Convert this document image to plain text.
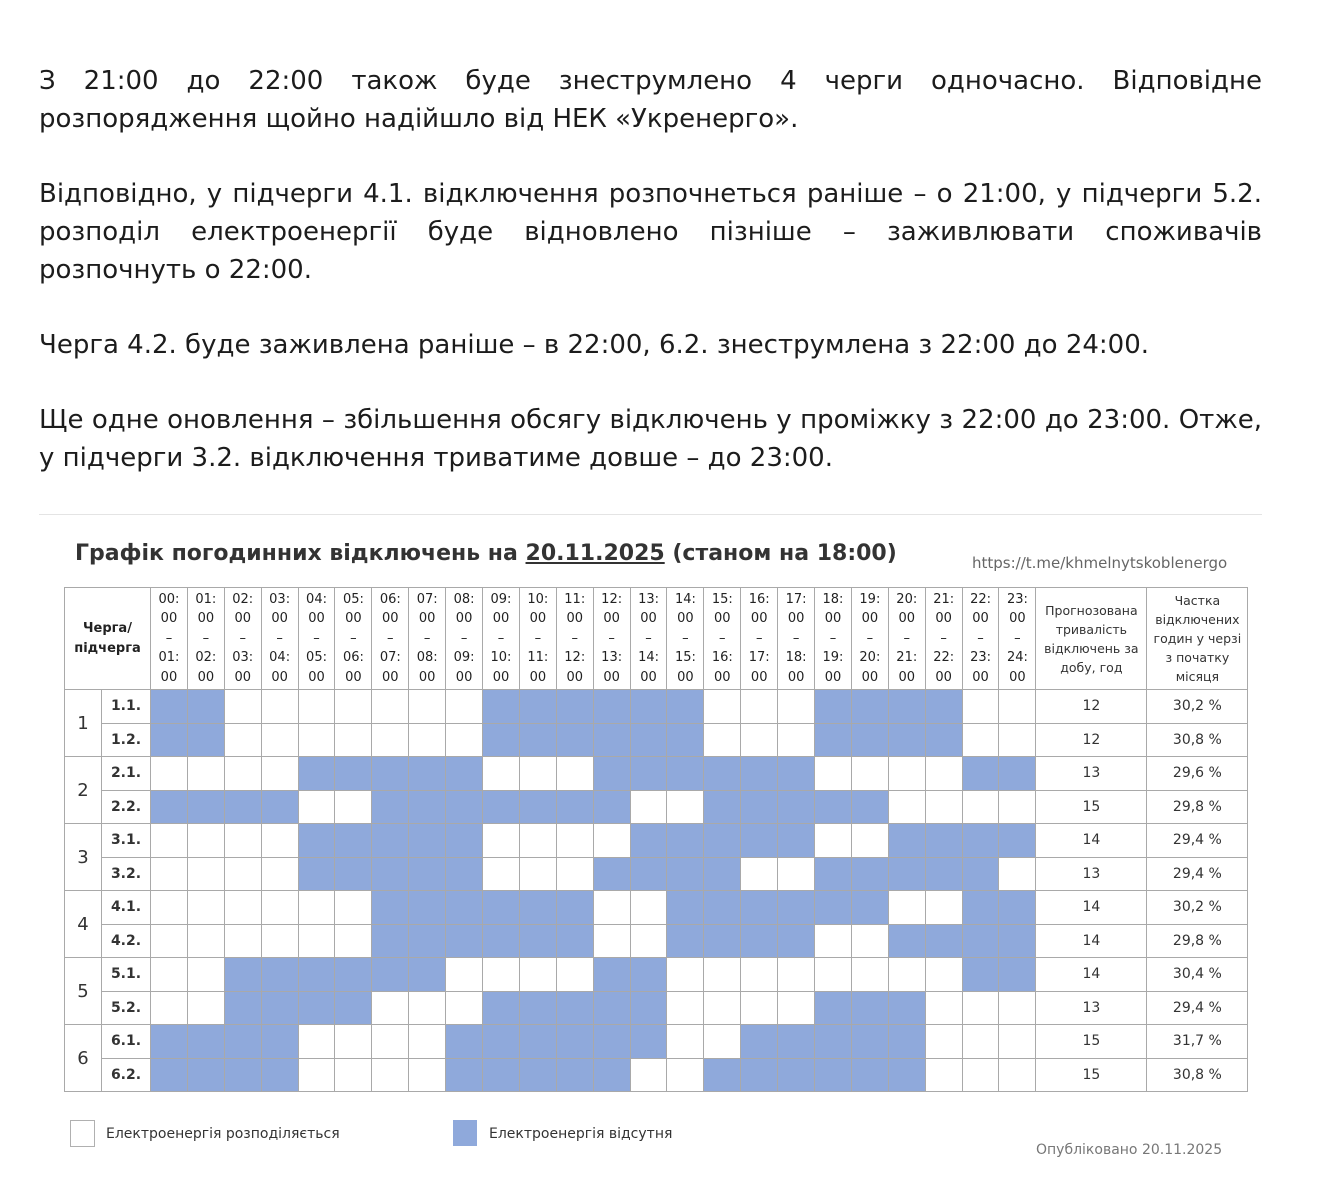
З 21:00 до 22:00 також буде знеструмлено 4 черги одночасно. Відповідне розпорядження щойно надійшло від НЕК «Укренерго».

Відповідно, у підчерги 4.1. відключення розпочнеться раніше – о 21:00, у підчерги 5.2. розподіл електроенергії буде відновлено пізніше – заживлювати споживачів розпочнуть о 22:00.

Черга 4.2. буде заживлена раніше – в 22:00, 6.2. знеструмлена з 22:00 до 24:00.

Ще одне оновлення – збільшення обсягу відключень у проміжку з 22:00 до 23:00. Отже, у підчерги 3.2. відключення триватиме довше – до 23:00.

Графік погодинних відключень на 20.11.2025 (станом на 18:00)	https://t.me/khmelnytskoblenergo
Черга/
підчерга		00:
00
–
01:
00	01:
00
–
02:
00	02:
00
–
03:
00	03:
00
–
04:
00	04:
00
–
05:
00	05:
00
–
06:
00	06:
00
–
07:
00	07:
00
–
08:
00	08:
00
–
09:
00	09:
00
–
10:
00	10:
00
–
11:
00	11:
00
–
12:
00	12:
00
–
13:
00	13:
00
–
14:
00	14:
00
–
15:
00	15:
00
–
16:
00	16:
00
–
17:
00	17:
00
–
18:
00	18:
00
–
19:
00	19:
00
–
20:
00	20:
00
–
21:
00	21:
00
–
22:
00	22:
00
–
23:
00	23:
00
–
24:
00	Прогнозована
тривалість
відключень за
добу, год	Частка
відключених
годин у черзі
з початку
місяця
1	1.1.																									12	30,2 %
	1.2.																									12	30,8 %
2	2.1.																									13	29,6 %
	2.2.																									15	29,8 %
3	3.1.																									14	29,4 %
	3.2.																									13	29,4 %
4	4.1.																									14	30,2 %
	4.2.																									14	29,8 %
5	5.1.																									14	30,4 %
	5.2.																									13	29,4 %
6	6.1.																									15	31,7 %
	6.2.																									15	30,8 %
Електроенергія розподіляється	Електроенергія відсутня
Опубліковано 20.11.2025
